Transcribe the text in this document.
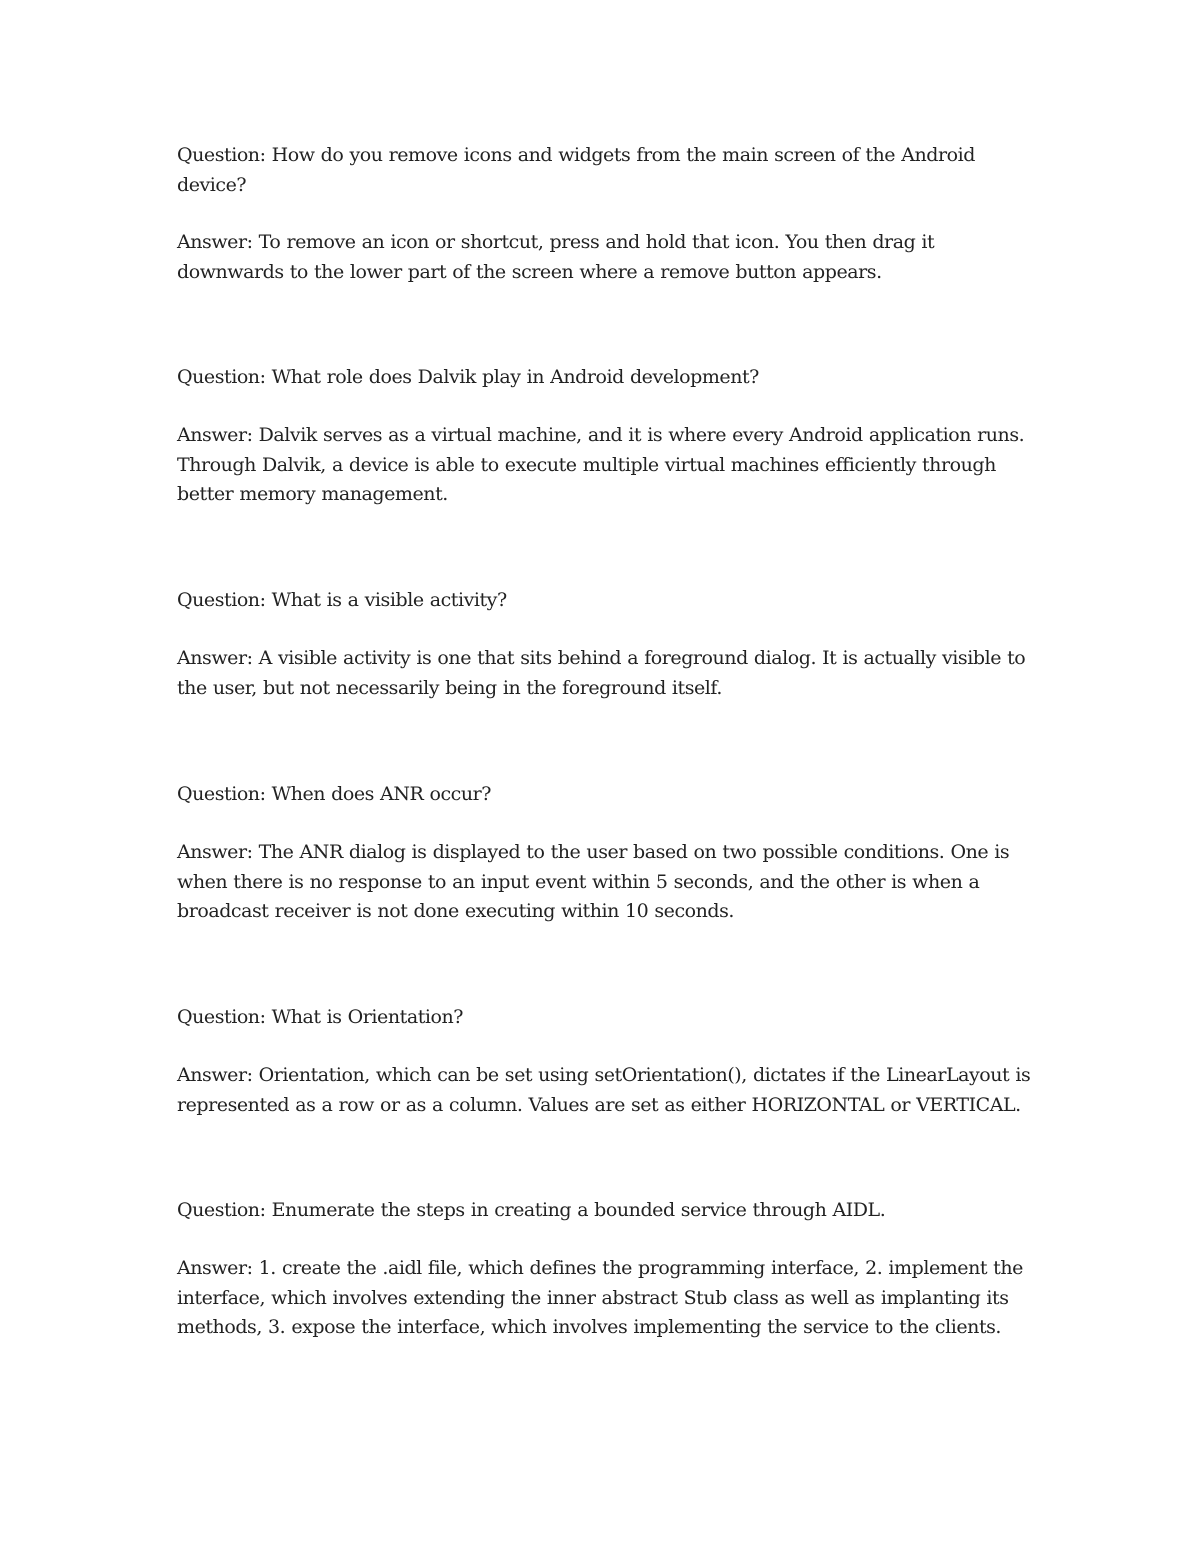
Question: How do you remove icons and widgets from the main screen of the Android device?

Answer: To remove an icon or shortcut, press and hold that icon. You then drag it downwards to the lower part of the screen where a remove button appears.

Question: What role does Dalvik play in Android development?

Answer: Dalvik serves as a virtual machine, and it is where every Android application runs. Through Dalvik, a device is able to execute multiple virtual machines efficiently through better memory management.

Question: What is a visible activity?

Answer: A visible activity is one that sits behind a foreground dialog. It is actually visible to the user, but not necessarily being in the foreground itself.

Question: When does ANR occur?

Answer: The ANR dialog is displayed to the user based on two possible conditions. One is when there is no response to an input event within 5 seconds, and the other is when a broadcast receiver is not done executing within 10 seconds.

Question: What is Orientation?

Answer: Orientation, which can be set using setOrientation(), dictates if the LinearLayout is represented as a row or as a column. Values are set as either HORIZONTAL or VERTICAL.

Question: Enumerate the steps in creating a bounded service through AIDL.

Answer: 1. create the .aidl file, which defines the programming interface, 2. implement the interface, which involves extending the inner abstract Stub class as well as implanting its methods, 3. expose the interface, which involves implementing the service to the clients.
